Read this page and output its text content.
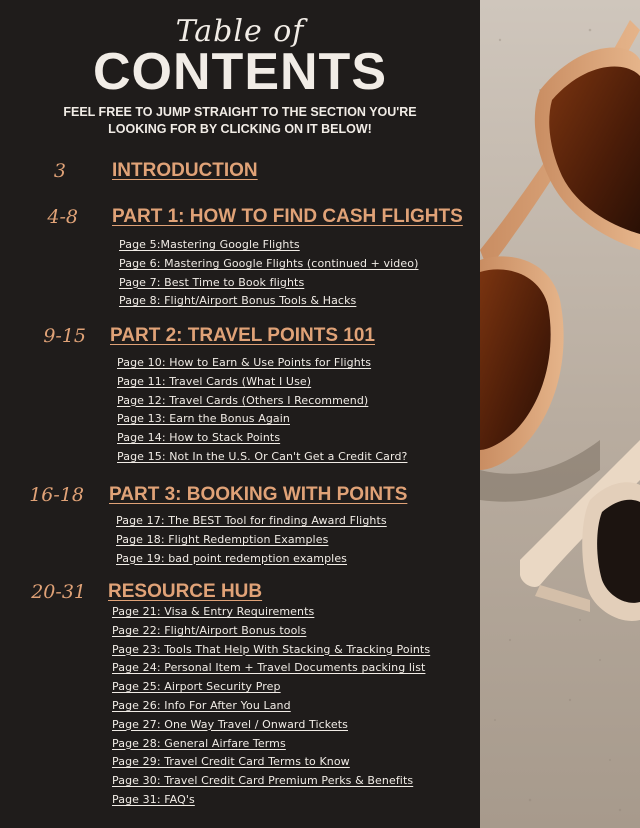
Table of
CONTENTS
FEEL FREE TO JUMP STRAIGHT TO THE SECTION YOU'RE LOOKING FOR BY CLICKING ON IT BELOW!
3 INTRODUCTION
4-8 PART 1: HOW TO FIND CASH FLIGHTS
Page 5:Mastering Google Flights
Page 6: Mastering Google Flights (continued + video)
Page 7: Best Time to Book flights
Page 8: Flight/Airport Bonus Tools & Hacks
9-15 PART 2: TRAVEL POINTS 101
Page 10: How to Earn & Use Points for Flights
Page 11: Travel Cards (What I Use)
Page 12: Travel Cards (Others I Recommend)
Page 13: Earn the Bonus Again
Page 14: How to Stack Points
Page 15: Not In the U.S. Or Can't Get a Credit Card?
16-18 PART 3: BOOKING WITH POINTS
Page 17: The BEST Tool for finding Award Flights
Page 18: Flight Redemption Examples
Page 19: bad point redemption examples
20-31 RESOURCE HUB
Page 21: Visa & Entry Requirements
Page 22: Flight/Airport Bonus tools
Page 23: Tools That Help With Stacking & Tracking Points
Page 24: Personal Item + Travel Documents packing list
Page 25: Airport Security Prep
Page 26: Info For After You Land
Page 27: One Way Travel / Onward Tickets
Page 28: General Airfare Terms
Page 29: Travel Credit Card Terms to Know
Page 30: Travel Credit Card Premium Perks & Benefits
Page 31: FAQ's
